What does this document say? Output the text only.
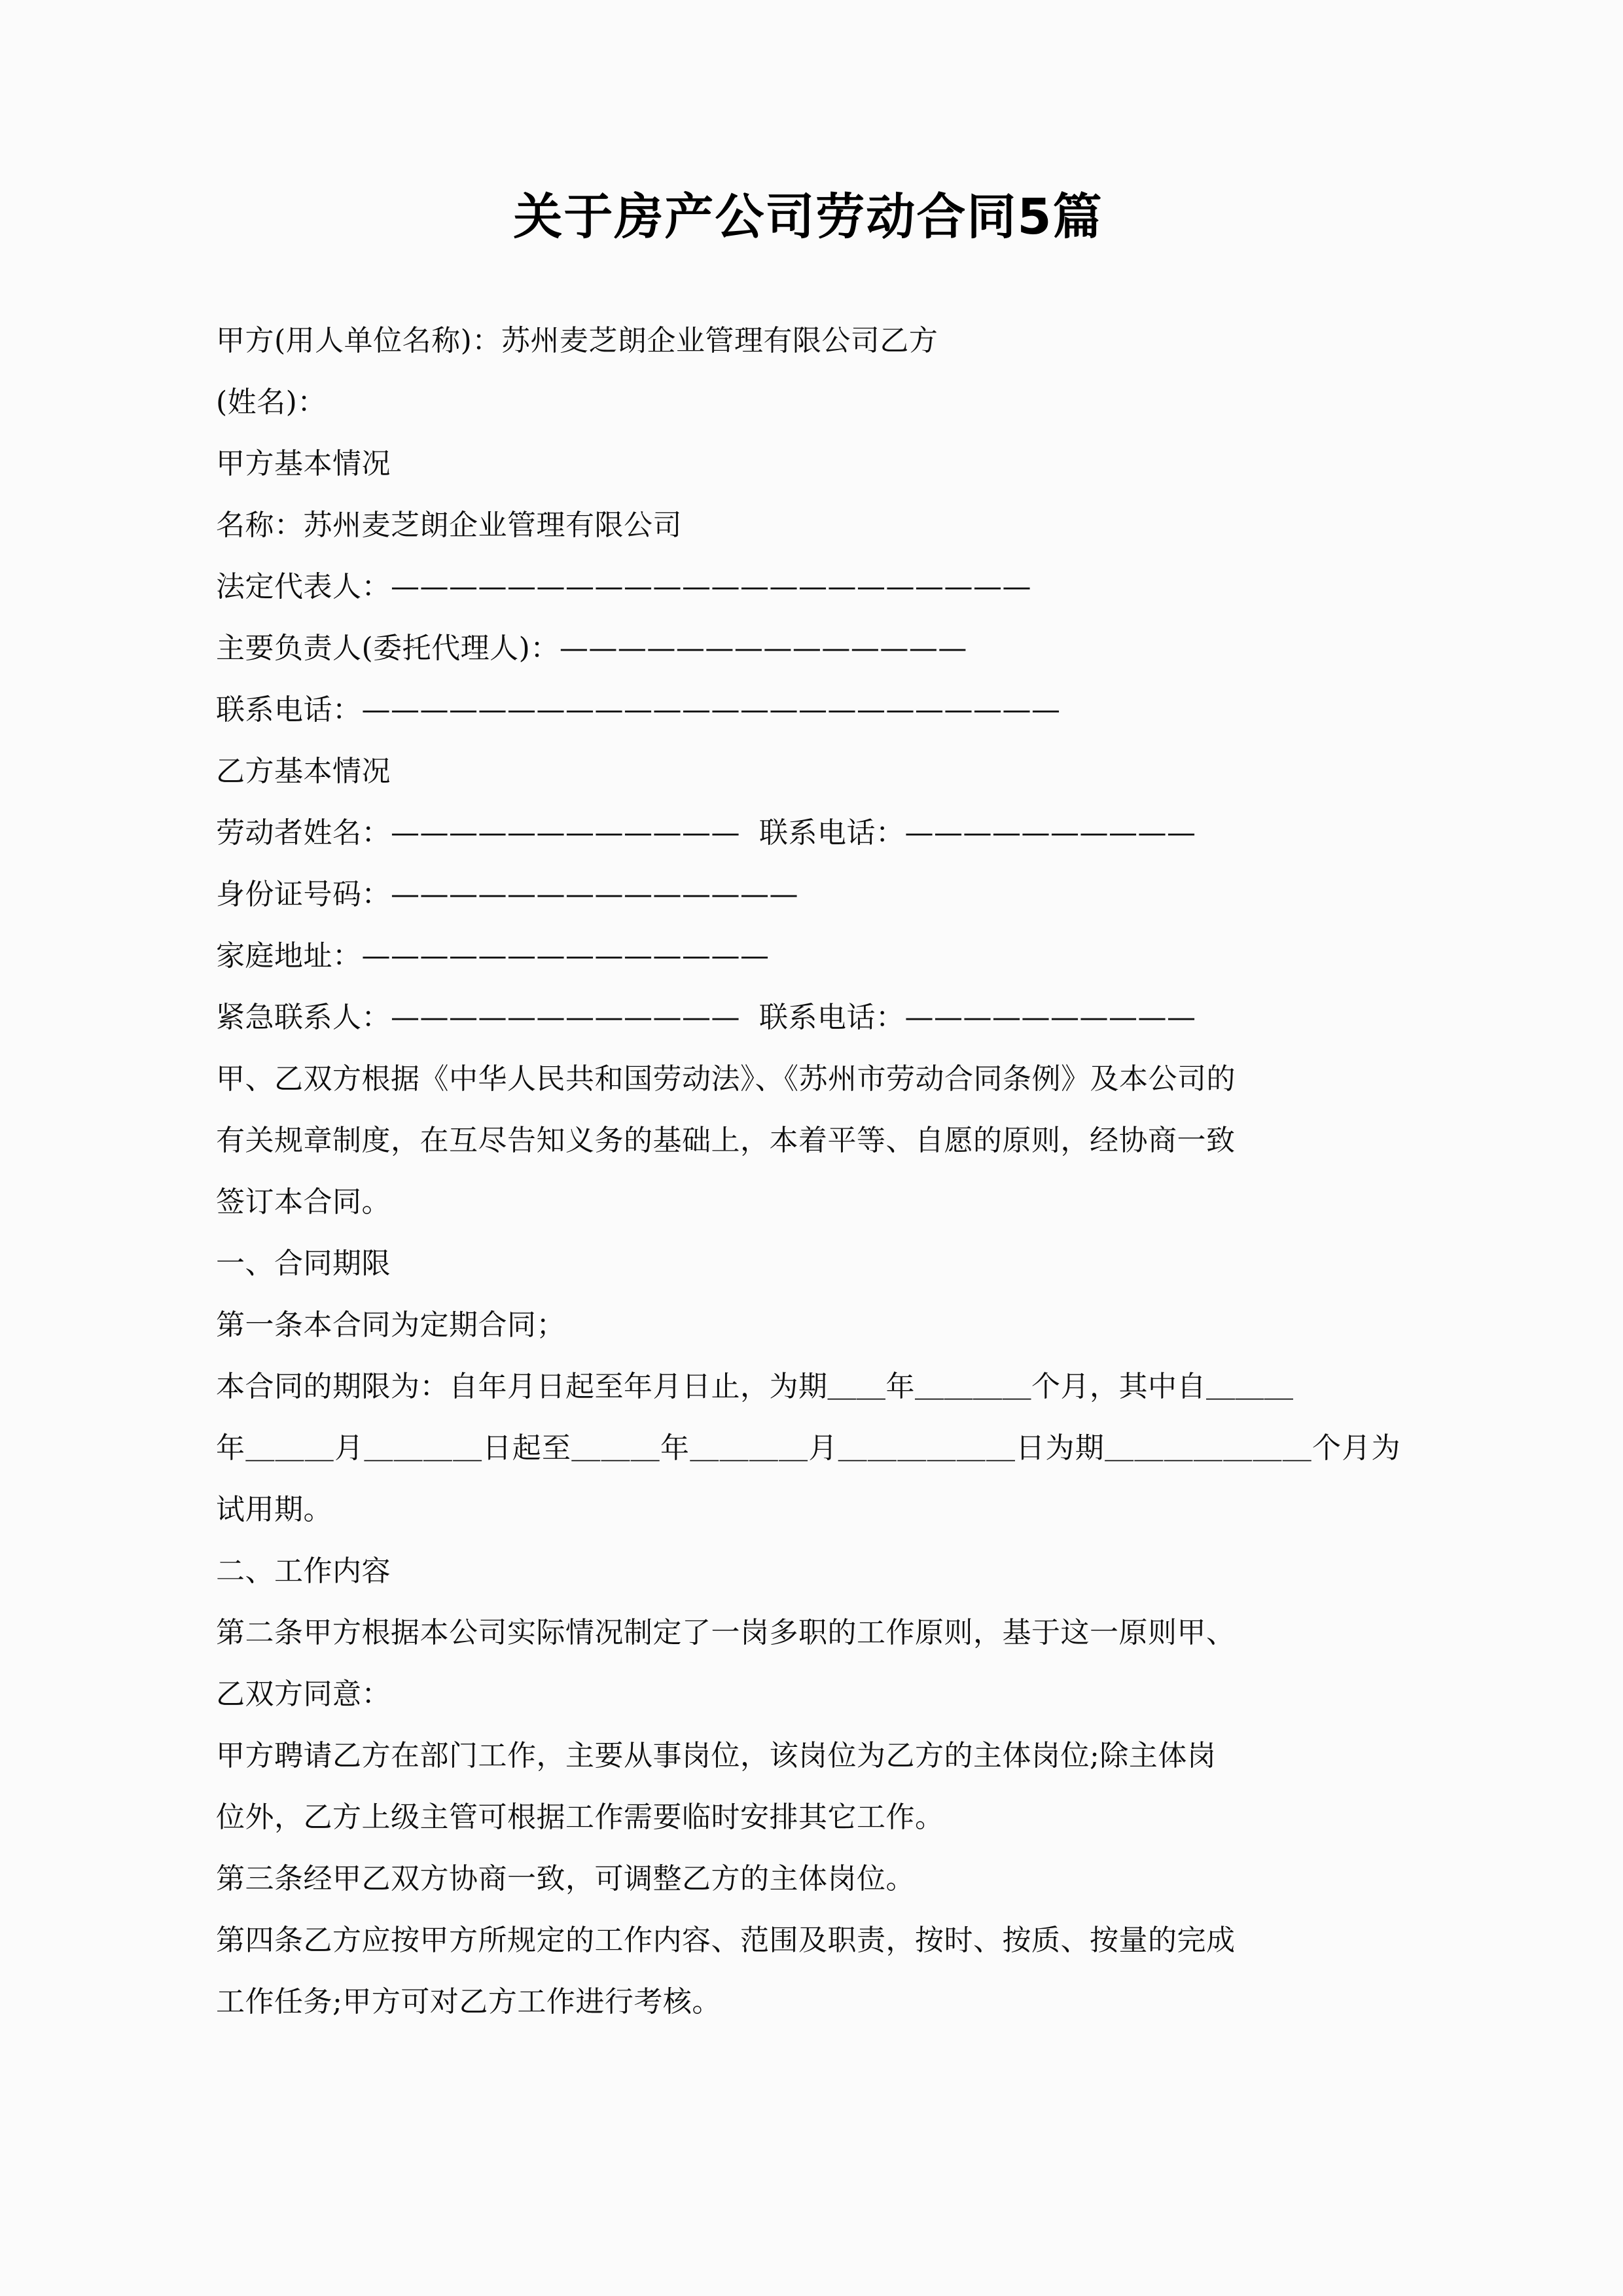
关于房产公司劳动合同5篇

甲方(用人单位名称)：苏州麦芝朗企业管理有限公司乙方

(姓名)：

甲方基本情况

名称：苏州麦芝朗企业管理有限公司

法定代表人：——————————————————————

主要负责人(委托代理人)：——————————————

联系电话：————————————————————————

乙方基本情况

劳动者姓名：————————————  联系电话：——————————

身份证号码：——————————————

家庭地址：——————————————

紧急联系人：————————————  联系电话：——————————

甲、乙双方根据《中华人民共和国劳动法》、《苏州市劳动合同条例》及本公司的

有关规章制度，在互尽告知义务的基础上，本着平等、自愿的原则，经协商一致

签订本合同。

一、合同期限

第一条本合同为定期合同；

本合同的期限为：自年月日起至年月日止，为期＿＿年＿＿＿＿个月，其中自＿＿＿

年＿＿＿月＿＿＿＿日起至＿＿＿年＿＿＿＿月＿＿＿＿＿＿日为期＿＿＿＿＿＿＿个月为试用期。

二、工作内容

第二条甲方根据本公司实际情况制定了一岗多职的工作原则，基于这一原则甲、

乙双方同意：

甲方聘请乙方在部门工作，主要从事岗位，该岗位为乙方的主体岗位;除主体岗

位外，乙方上级主管可根据工作需要临时安排其它工作。

第三条经甲乙双方协商一致，可调整乙方的主体岗位。

第四条乙方应按甲方所规定的工作内容、范围及职责，按时、按质、按量的完成

工作任务;甲方可对乙方工作进行考核。
